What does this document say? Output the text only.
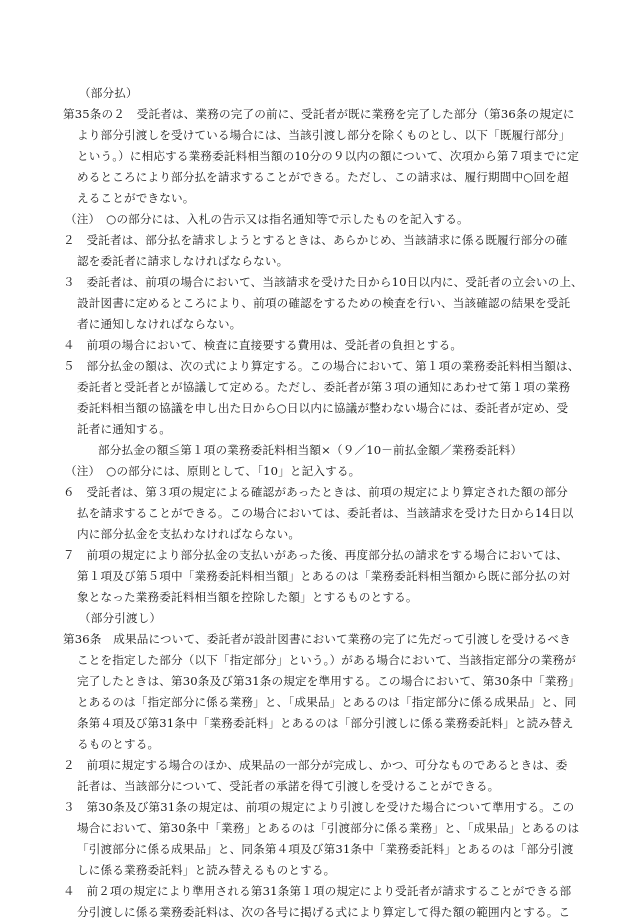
（部分払）
第35条の２　受託者は、業務の完了の前に、受託者が既に業務を完了した部分（第36条の規定に
より部分引渡しを受けている場合には、当該引渡し部分を除くものとし、以下「既履行部分」
という。）に相応する業務委託料相当額の10分の９以内の額について、次項から第７項までに定
めるところにより部分払を請求することができる。ただし、この請求は、履行期間中○回を超
えることができない。
（注）　○の部分には、入札の告示又は指名通知等で示したものを記入する。
２　受託者は、部分払を請求しようとするときは、あらかじめ、当該請求に係る既履行部分の確
認を委託者に請求しなければならない。
３　委託者は、前項の場合において、当該請求を受けた日から10日以内に、受託者の立会いの上、
設計図書に定めるところにより、前項の確認をするための検査を行い、当該確認の結果を受託
者に通知しなければならない。
４　前項の場合において、検査に直接要する費用は、受託者の負担とする。
５　部分払金の額は、次の式により算定する。この場合において、第１項の業務委託料相当額は、
委託者と受託者とが協議して定める。ただし、委託者が第３項の通知にあわせて第１項の業務
委託料相当額の協議を申し出た日から○日以内に協議が整わない場合には、委託者が定め、受
託者に通知する。
部分払金の額≦第１項の業務委託料相当額×（９／10－前払金額／業務委託料）
（注）　○の部分には、原則として、「10」と記入する。
６　受託者は、第３項の規定による確認があったときは、前項の規定により算定された額の部分
払を請求することができる。この場合においては、委託者は、当該請求を受けた日から14日以
内に部分払金を支払わなければならない。
７　前項の規定により部分払金の支払いがあった後、再度部分払の請求をする場合においては、
第１項及び第５項中「業務委託料相当額」とあるのは「業務委託料相当額から既に部分払の対
象となった業務委託料相当額を控除した額」とするものとする。
（部分引渡し）
第36条　成果品について、委託者が設計図書において業務の完了に先だって引渡しを受けるべき
ことを指定した部分（以下「指定部分」という。）がある場合において、当該指定部分の業務が
完了したときは、第30条及び第31条の規定を準用する。この場合において、第30条中「業務」
とあるのは「指定部分に係る業務」と、「成果品」とあるのは「指定部分に係る成果品」と、同
条第４項及び第31条中「業務委託料」とあるのは「部分引渡しに係る業務委託料」と読み替え
るものとする。
２　前項に規定する場合のほか、成果品の一部分が完成し、かつ、可分なものであるときは、委
託者は、当該部分について、受託者の承諾を得て引渡しを受けることができる。
３　第30条及び第31条の規定は、前項の規定により引渡しを受けた場合について準用する。この
場合において、第30条中「業務」とあるのは「引渡部分に係る業務」と、「成果品」とあるのは
「引渡部分に係る成果品」と、同条第４項及び第31条中「業務委託料」とあるのは「部分引渡
しに係る業務委託料」と読み替えるものとする。
４　前２項の規定により準用される第31条第１項の規定により受託者が請求することができる部
分引渡しに係る業務委託料は、次の各号に掲げる式により算定して得た額の範囲内とする。こ
